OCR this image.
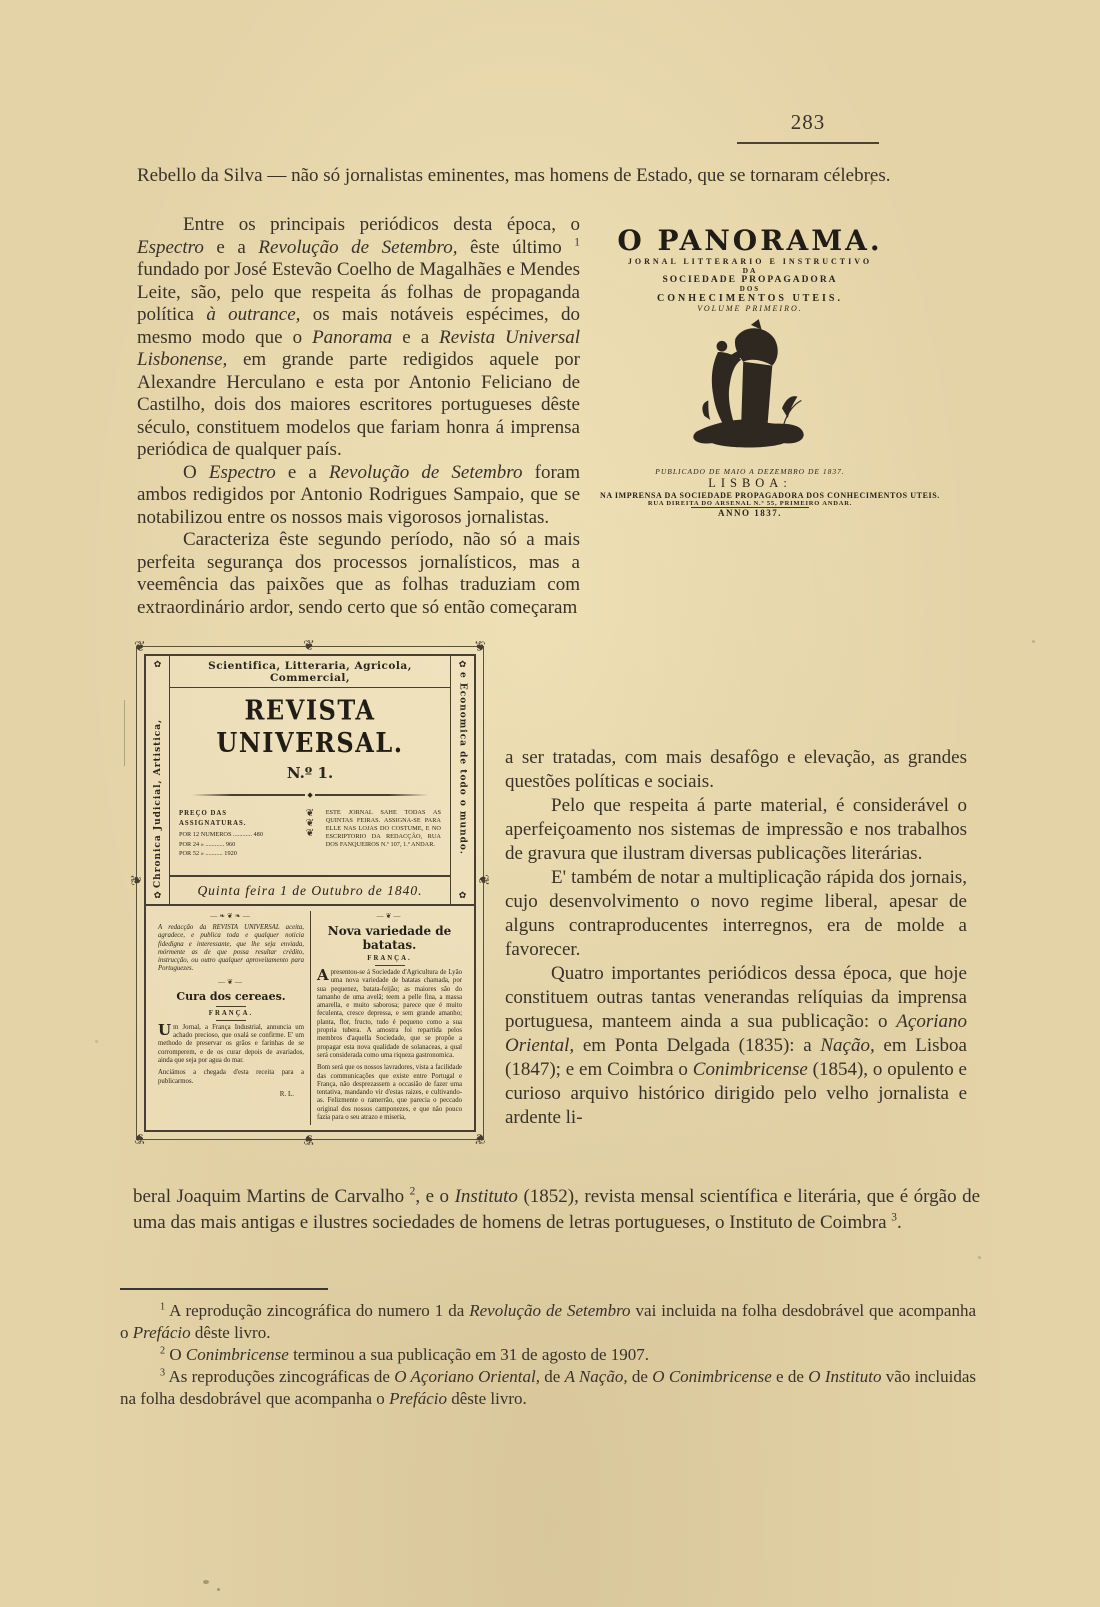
283

Rebello da Silva — não só jornalistas eminentes, mas homens de Estado, que se tornaram célebres.

Entre os principais periódicos desta época, o Espectro e a Revolução de Setembro, êste último $^1$ fundado por José Estevão Coelho de Magalhães e Mendes Leite, são, pelo que respeita ás folhas de propaganda política à outrance, os mais notáveis espécimes, do mesmo modo que o Panorama e a Revista Universal Lisbonense, em grande parte redigidos aquele por Alexandre Herculano e esta por Antonio Feliciano de Castilho, dois dos maiores escritores portugueses dêste século, constituem modelos que fariam honra á imprensa periódica de qualquer país.

O Espectro e a Revolução de Setembro foram ambos redigidos por Antonio Rodrigues Sampaio, que se notabilizou entre os nossos mais vigorosos jornalistas.

Caracteriza êste segundo período, não só a mais perfeita segurança dos processos jornalísticos, mas a veemência das paixões que as folhas traduziam com extraordinário ardor, sendo certo que só então começaram

O PANORAMA.
JORNAL LITTERARIO E INSTRUCTIVO
DA
SOCIEDADE PROPAGADORA
DOS
CONHECIMENTOS UTEIS.
VOLUME PRIMEIRO.
PUBLICADO DE MAIO A DEZEMBRO DE 1837.
LISBOA:
NA IMPRENSA DA SOCIEDADE PROPAGADORA DOS CONHECIMENTOS UTEIS.
RUA DIREITA DO ARSENAL N.º 55, PRIMEIRO ANDAR.
ANNO 1837.
❦	❦
❦	❦
❦
❦
❦	❦
✿
Chronica Judicial, Artistica,
✿
Scientifica, Litteraria, Agricola, Commercial,
REVISTA UNIVERSAL.
N.º 1.
◆
PREÇO DAS ASSIGNATURAS.
POR 12 NUMEROS ............ 480
POR 24 » ............ 960
POR 52 » ........... 1920
❦
❦
❦
ESTE JORNAL SAHE TODAS AS QUINTAS FEIRAS. ASSIGNA-SE PARA ELLE NAS LOJAS DO COSTUME, E NO ESCRIPTORIO DA REDACÇÃO, RUA DOS FANQUEIROS N.º 107, 1.º ANDAR.
Quinta feira 1 de Outubro de 1840.
✿
e Economica de todo o mundo.
✿
—❧❦❧—

A redacção da REVISTA UNIVERSAL aceita, agradece, e publica toda e qualquer noticia fidedigna e interessante, que lhe seja enviada, mórmente as de que possa resultar crédito, instrucção, ou outro qualquer aproveitamento para Portuguezes.

—❦—
Cura dos cereaes.
FRANÇA.

Um Jornal, a França Industrial, annuncia um achado precioso, que oxalá se confirme. E' um methodo de preservar os grãos e farinhas de se corromperem, e de os curar depois de avariados, ainda que seja por agua do mar.

Anciámos a chegada d'esta receita para a publicarmos.

R. L.
—❦—
Nova variedade de batatas.
FRANÇA.

Apresentou-se á Sociedade d'Agricultura de Lyão uma nova variedade de batatas chamada, por sua pequenez, batata-feijão; as maiores são do tamanho de uma avelã; teem a pelle fina, a massa amarella, e muito saborosa; parece que é muito feculenta, cresce depressa, e sem grande amanho; planta, flor, fructo, tudo é pequeno como a sua propria tubera. A amostra foi repartida pelos membros d'aquella Sociedade, que se propõe a propagar esta nova qualidade de solanaceas, a qual será considerada como uma riqueza gastronomica.

Bom será que os nossos lavradores, vista a facilidade das communicações que existe entre Portugal e França, não desprezassem a occasião de fazer uma tentativa, mandando vir d'estas raizes, e cultivando-as. Felizmente o ramerrão, que parecia o peccado original dos nossos camponezes, e que não pouco fazia para o seu atrazo e miseria,

a ser tratadas, com mais desafôgo e elevação, as grandes questões políticas e sociais.

Pelo que respeita á parte material, é considerável o aperfeiçoamento nos sistemas de impressão e nos trabalhos de gravura que ilustram diversas publicações literárias.

E' também de notar a multiplicação rápida dos jornais, cujo desenvolvimento o novo regime liberal, apesar de alguns contraproducentes interregnos, era de molde a favorecer.

Quatro importantes periódicos dessa época, que hoje constituem outras tantas venerandas relíquias da imprensa portuguesa, manteem ainda a sua publicação: o Açoriano Oriental, em Ponta Delgada (1835): a Nação, em Lisboa (1847); e em Coimbra o Conimbricense (1854), o opulento e curioso arquivo histórico dirigido pelo velho jornalista e ardente li-

beral Joaquim Martins de Carvalho $^2$, e o Instituto (1852), revista mensal scientífica e literária, que é órgão de uma das mais antigas e ilustres sociedades de homens de letras portugueses, o Instituto de Coimbra $^3$.

$^1$ A reprodução zincográfica do numero 1 da Revolução de Setembro vai incluida na folha desdobrável que acompanha o Prefácio dêste livro.

$^2$ O Conimbricense terminou a sua publicação em 31 de agosto de 1907.

$^3$ As reproduções zincográficas de O Açoriano Oriental, de A Nação, de O Conimbricense e de O Instituto vão incluidas na folha desdobrável que acompanha o Prefácio dêste livro.
